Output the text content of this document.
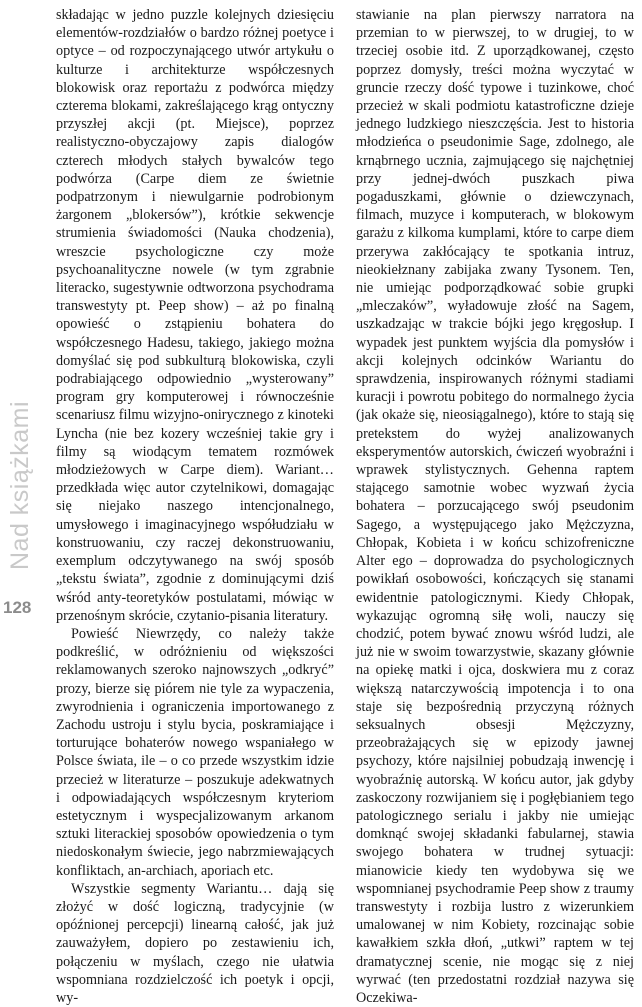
Nad książkami
128

składając w jedno puzzle kolejnych dziesięciu elementów-rozdziałów o bardzo różnej poetyce i optyce – od rozpoczynającego utwór artykułu o kulturze i architekturze współczesnych blokowisk oraz reportażu z podwórca między czterema blokami, zakreślającego krąg ontyczny przyszłej akcji (pt. Miejsce), poprzez realistyczno-obyczajowy zapis dialogów czterech młodych stałych bywalców tego podwórza (Carpe diem ze świetnie podpatrzonym i niewulgarnie podrobionym żargonem „blokersów”), krótkie sekwencje strumienia świadomości (Nauka chodzenia), wreszcie psychologiczne czy może psychoanalityczne nowele (w tym zgrabnie literacko, sugestywnie odtworzona psychodrama transwestyty pt. Peep show) – aż po finalną opowieść o zstąpieniu bohatera do współczesnego Hadesu, takiego, jakiego można domyślać się pod subkulturą blokowiska, czyli podrabiającego odpowiednio „wysterowany” program gry komputerowej i równocześnie scenariusz filmu wizyjno-onirycznego z kinoteki Lyncha (nie bez kozery wcześniej takie gry i filmy są wiodącym tematem rozmówek młodzieżowych w Carpe diem). Wariant… przedkłada więc autor czytelnikowi, domagając się niejako naszego intencjonalnego, umysłowego i imaginacyjnego współudziału w konstruowaniu, czy raczej dekonstruowaniu, exemplum odczytywanego na swój sposób „tekstu świata”, zgodnie z dominującymi dziś wśród anty-teoretyków postulatami, mówiąc w przenośnym skrócie, czytanio-pisania literatury.

Powieść Niewrzędy, co należy także podkreślić, w odróżnieniu od większości reklamowanych szeroko najnowszych „odkryć” prozy, bierze się piórem nie tyle za wypaczenia, zwyrodnienia i ograniczenia importowanego z Zachodu ustroju i stylu bycia, poskramiające i torturujące bohaterów nowego wspaniałego w Polsce świata, ile – o co przede wszystkim idzie przecież w literaturze – poszukuje adekwatnych i odpowiadających współczesnym kryteriom estetycznym i wyspecjalizowanym arkanom sztuki literackiej sposobów opowiedzenia o tym niedoskonałym świecie, jego nabrzmiewających konfliktach, an-archiach, aporiach etc.

Wszystkie segmenty Wariantu… dają się złożyć w dość logiczną, tradycyjnie (w opóźnionej percepcji) linearną całość, jak już zauważyłem, dopiero po zestawieniu ich, połączeniu w myślach, czego nie ułatwia wspomniana rozdzielczość ich poetyk i opcji, wy-

stawianie na plan pierwszy narratora na przemian to w pierwszej, to w drugiej, to w trzeciej osobie itd. Z uporządkowanej, często poprzez domysły, treści można wyczytać w gruncie rzeczy dość typowe i tuzinkowe, choć przecież w skali podmiotu katastroficzne dzieje jednego ludzkiego nieszczęścia. Jest to historia młodzieńca o pseudonimie Sage, zdolnego, ale krnąbrnego ucznia, zajmującego się najchętniej przy jednej-dwóch puszkach piwa pogaduszkami, głównie o dziewczynach, filmach, muzyce i komputerach, w blokowym garażu z kilkoma kumplami, które to carpe diem przerywa zakłócający te spotkania intruz, nieokiełznany zabijaka zwany Tysonem. Ten, nie umiejąc podporządkować sobie grupki „mleczaków”, wyładowuje złość na Sagem, uszkadzając w trakcie bójki jego kręgosłup. I wypadek jest punktem wyjścia dla pomysłów i akcji kolejnych odcinków Wariantu do sprawdzenia, inspirowanych różnymi stadiami kuracji i powrotu pobitego do normalnego życia (jak okaże się, nieosiągalnego), które to stają się pretekstem do wyżej analizowanych eksperymentów autorskich, ćwiczeń wyobraźni i wprawek stylistycznych. Gehenna raptem stającego samotnie wobec wyzwań życia bohatera – porzucającego swój pseudonim Sagego, a występującego jako Mężczyzna, Chłopak, Kobieta i w końcu schizofreniczne Alter ego – doprowadza do psychologicznych powikłań osobowości, kończących się stanami ewidentnie patologicznymi. Kiedy Chłopak, wykazując ogromną siłę woli, nauczy się chodzić, potem bywać znowu wśród ludzi, ale już nie w swoim towarzystwie, skazany głównie na opiekę matki i ojca, doskwiera mu z coraz większą natarczywością impotencja i to ona staje się bezpośrednią przyczyną różnych seksualnych obsesji Mężczyzny, przeobrażających się w epizody jawnej psychozy, które najsilniej pobudzają inwencję i wyobraźnię autorską. W końcu autor, jak gdyby zaskoczony rozwijaniem się i pogłębianiem tego patologicznego serialu i jakby nie umiejąc domknąć swojej składanki fabularnej, stawia swojego bohatera w trudnej sytuacji: mianowicie kiedy ten wydobywa się we wspomnianej psychodramie Peep show z traumy transwestyty i rozbija lustro z wizerunkiem umalowanej w nim Kobiety, rozcinając sobie kawałkiem szkła dłoń, „utkwi” raptem w tej dramatycznej scenie, nie mogąc się z niej wyrwać (ten przedostatni rozdział nazywa się Oczekiwa-
